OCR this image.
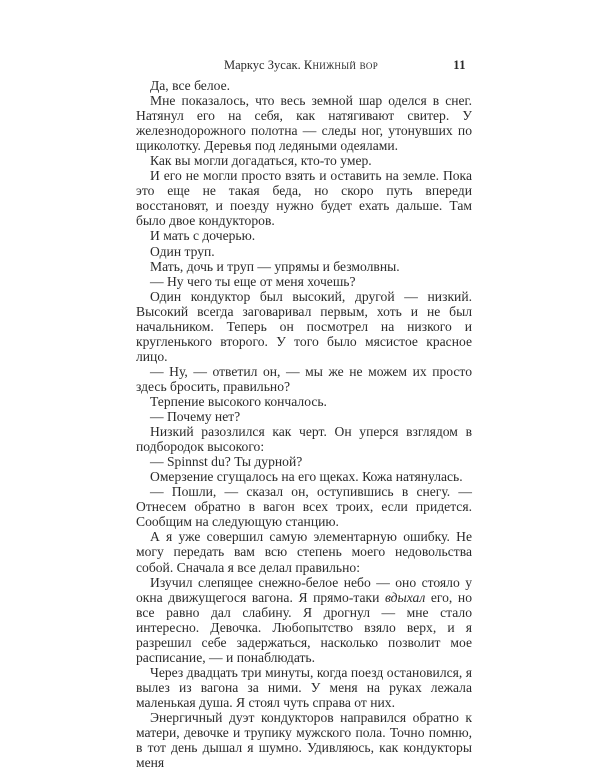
Маркус Зусак. Книжный вор	11

Да, все белое.

Мне показалось, что весь земной шар оделся в снег. Натянул его на себя, как натягивают свитер. У железнодорожного полотна — следы ног, утонувших по щиколотку. Деревья под ледяными одеялами.

Как вы могли догадаться, кто-то умер.

И его не могли просто взять и оставить на земле. Пока это еще не такая беда, но скоро путь впереди восстановят, и поезду нужно будет ехать дальше. Там было двое кондукторов.

И мать с дочерью.

Один труп.

Мать, дочь и труп — упрямы и безмолвны.

— Ну чего ты еще от меня хочешь?

Один кондуктор был высокий, другой — низкий. Высокий всегда заговаривал первым, хоть и не был начальником. Теперь он посмотрел на низкого и кругленького второго. У того было мясистое красное лицо.

— Ну, — ответил он, — мы же не можем их просто здесь бросить, правильно?

Терпение высокого кончалось.

— Почему нет?

Низкий разозлился как черт. Он уперся взглядом в подбородок высокого:

— Spinnst du? Ты дурной?

Омерзение сгущалось на его щеках. Кожа натянулась.

— Пошли, — сказал он, оступившись в снегу. — Отнесем обратно в вагон всех троих, если придется. Сообщим на следующую станцию.

А я уже совершил самую элементарную ошибку. Не могу передать вам всю степень моего недовольства собой. Сначала я все делал правильно:

Изучил слепящее снежно-белое небо — оно стояло у окна движущегося вагона. Я прямо-таки вдыхал его, но все равно дал слабину. Я дрогнул — мне стало интересно. Девочка. Любопытство взяло верх, и я разрешил себе задержаться, насколько позволит мое расписание, — и понаблюдать.

Через двадцать три минуты, когда поезд остановился, я вылез из вагона за ними. У меня на руках лежала маленькая душа. Я стоял чуть справа от них.

Энергичный дуэт кондукторов направился обратно к матери, девочке и трупику мужского пола. Точно помню, в тот день дышал я шумно. Удивляюсь, как кондукторы меня
